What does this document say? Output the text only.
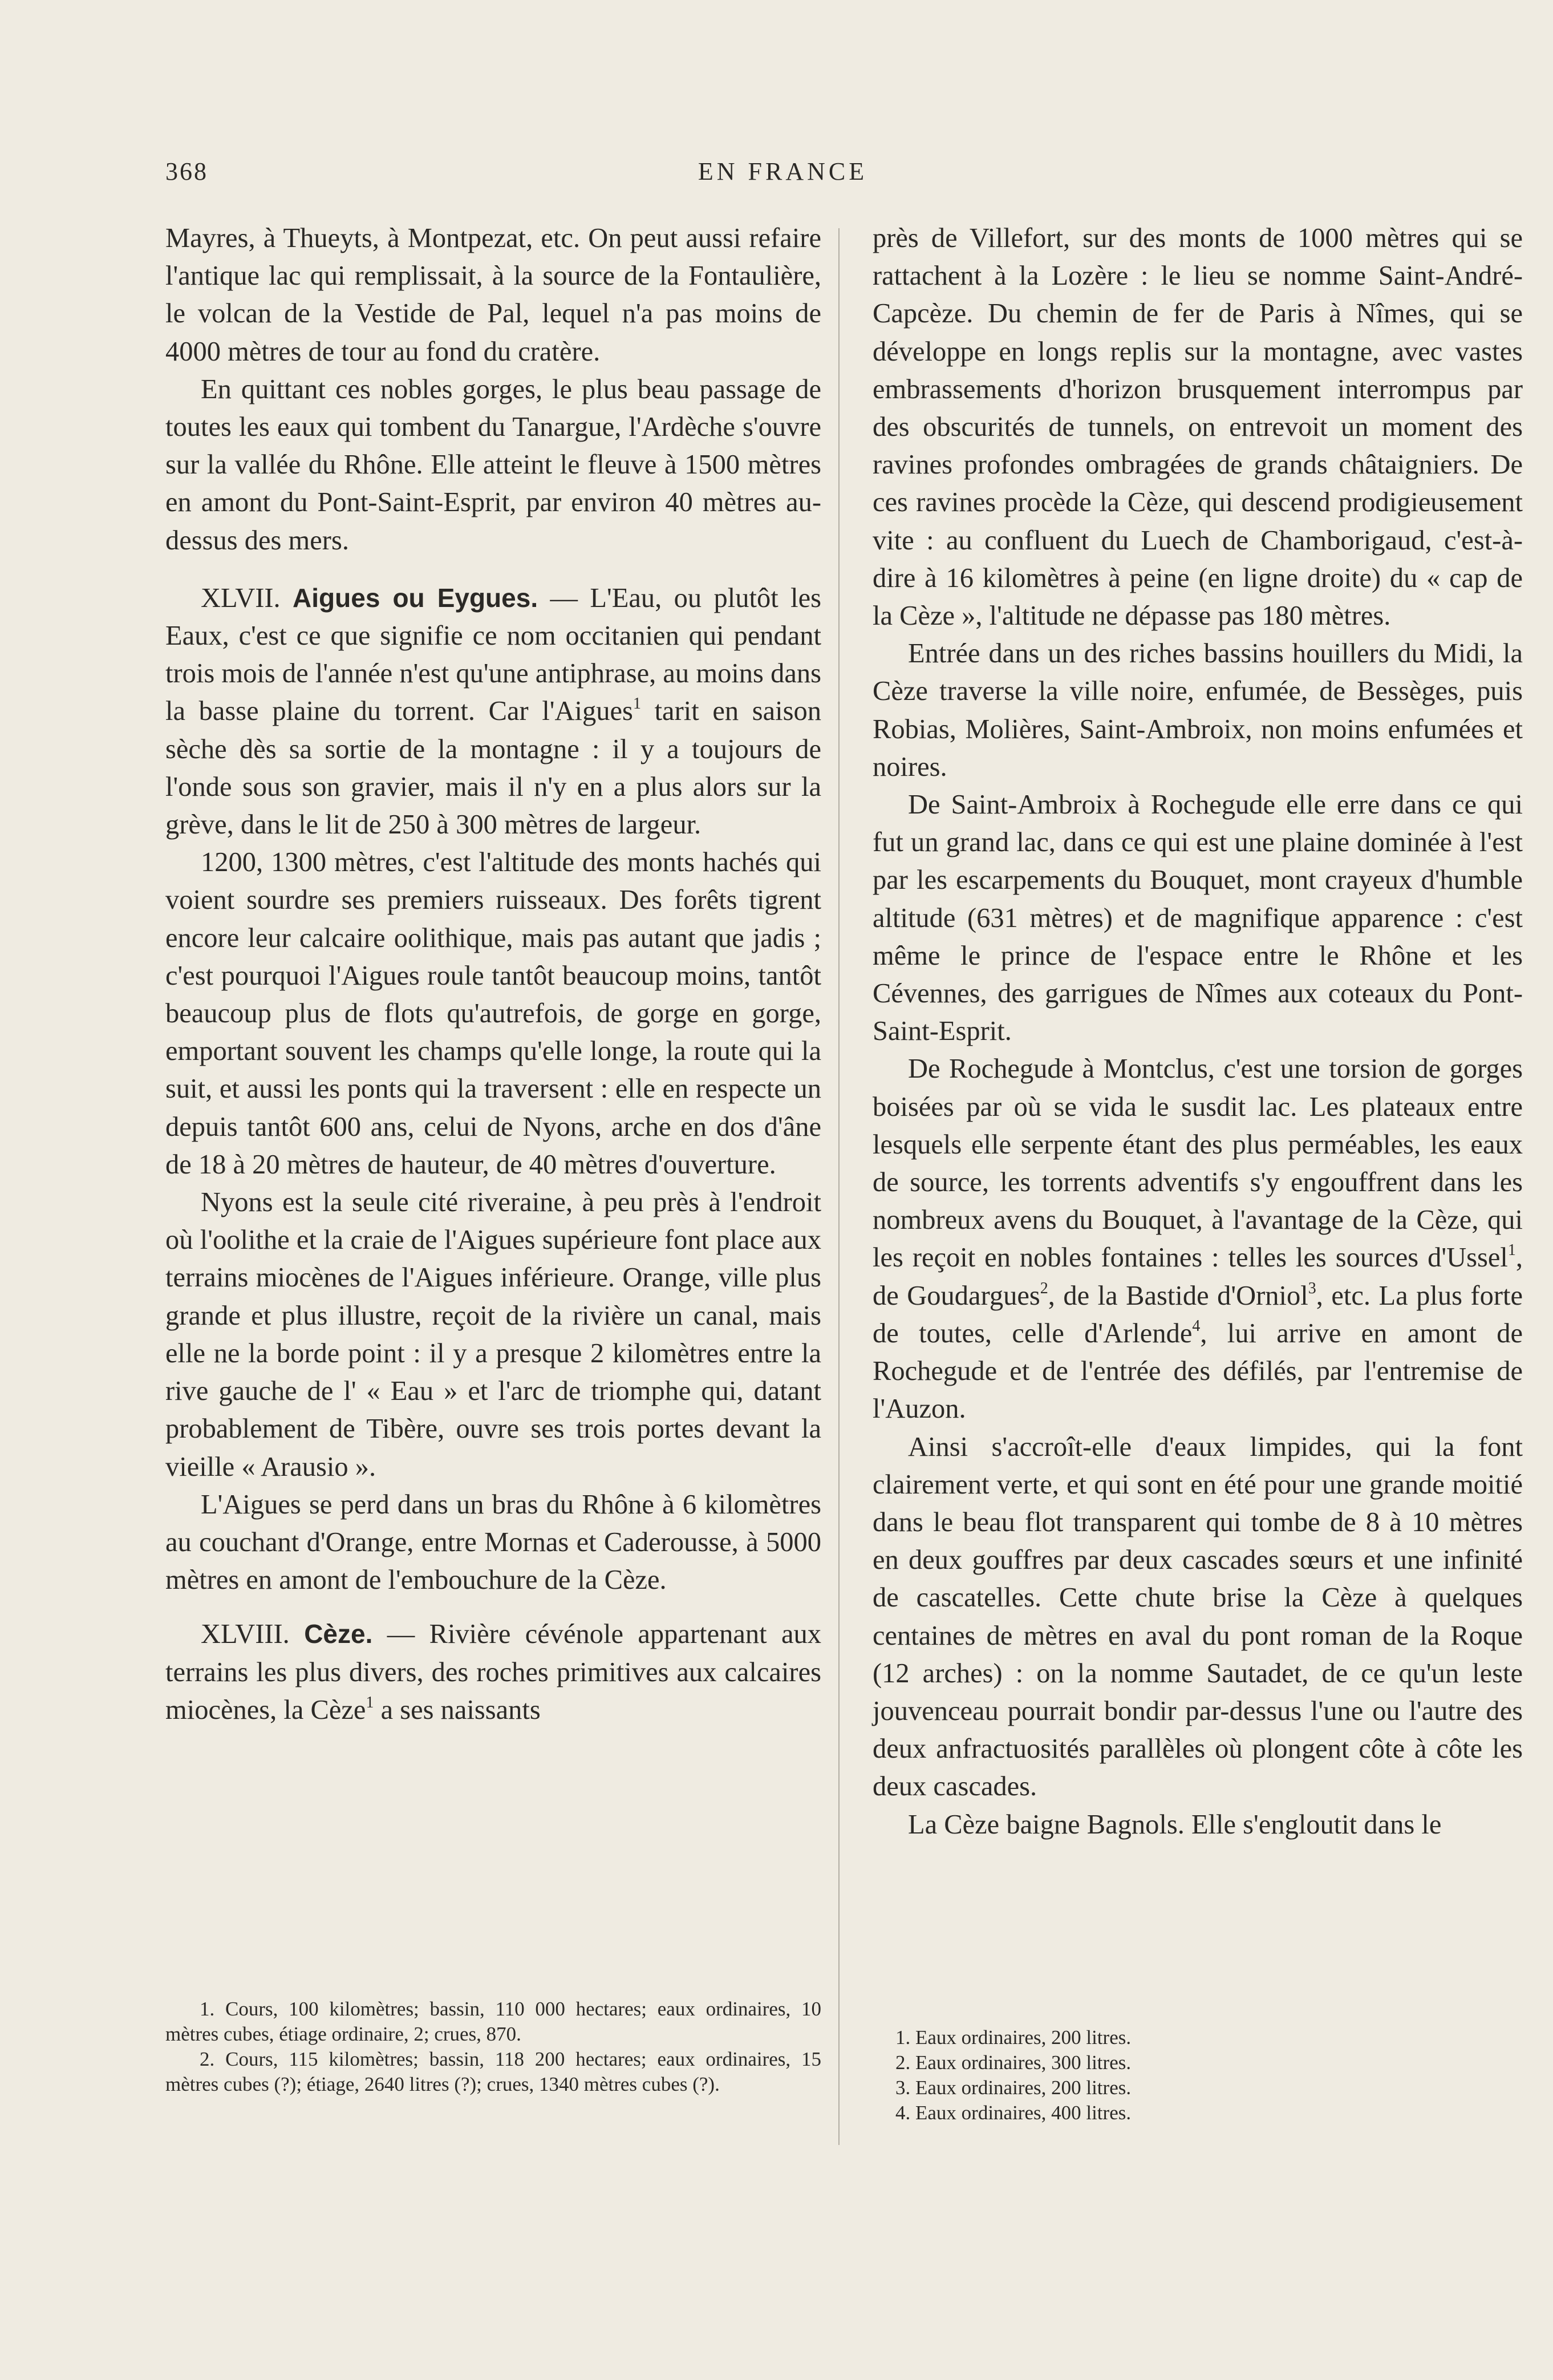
368	EN FRANCE

Mayres, à Thueyts, à Montpezat, etc. On peut aussi refaire l'antique lac qui remplissait, à la source de la Fontaulière, le volcan de la Vestide de Pal, lequel n'a pas moins de 4000 mètres de tour au fond du cratère.

En quittant ces nobles gorges, le plus beau passage de toutes les eaux qui tombent du Tanargue, l'Ardèche s'ouvre sur la vallée du Rhône. Elle atteint le fleuve à 1500 mètres en amont du Pont-Saint-Esprit, par environ 40 mètres au-dessus des mers.

XLVII. Aigues ou Eygues. — L'Eau, ou plutôt les Eaux, c'est ce que signifie ce nom occitanien qui pendant trois mois de l'année n'est qu'une antiphrase, au moins dans la basse plaine du torrent. Car l'Aigues$^1$ tarit en saison sèche dès sa sortie de la montagne : il y a toujours de l'onde sous son gravier, mais il n'y en a plus alors sur la grève, dans le lit de 250 à 300 mètres de largeur.

1200, 1300 mètres, c'est l'altitude des monts hachés qui voient sourdre ses premiers ruisseaux. Des forêts tigrent encore leur calcaire oolithique, mais pas autant que jadis ; c'est pourquoi l'Aigues roule tantôt beaucoup moins, tantôt beaucoup plus de flots qu'autrefois, de gorge en gorge, emportant souvent les champs qu'elle longe, la route qui la suit, et aussi les ponts qui la traversent : elle en respecte un depuis tantôt 600 ans, celui de Nyons, arche en dos d'âne de 18 à 20 mètres de hauteur, de 40 mètres d'ouverture.

Nyons est la seule cité riveraine, à peu près à l'endroit où l'oolithe et la craie de l'Aigues supérieure font place aux terrains miocènes de l'Aigues inférieure. Orange, ville plus grande et plus illustre, reçoit de la rivière un canal, mais elle ne la borde point : il y a presque 2 kilomètres entre la rive gauche de l' « Eau » et l'arc de triomphe qui, datant probablement de Tibère, ouvre ses trois portes devant la vieille « Arausio ».

L'Aigues se perd dans un bras du Rhône à 6 kilomètres au couchant d'Orange, entre Mornas et Caderousse, à 5000 mètres en amont de l'embouchure de la Cèze.

XLVIII. Cèze. — Rivière cévénole appartenant aux terrains les plus divers, des roches primitives aux calcaires miocènes, la Cèze$^1$ a ses naissants

près de Villefort, sur des monts de 1000 mètres qui se rattachent à la Lozère : le lieu se nomme Saint-André-Capcèze. Du chemin de fer de Paris à Nîmes, qui se développe en longs replis sur la montagne, avec vastes embrassements d'horizon brusquement interrompus par des obscurités de tunnels, on entrevoit un moment des ravines profondes ombragées de grands châtaigniers. De ces ravines procède la Cèze, qui descend prodigieusement vite : au confluent du Luech de Chamborigaud, c'est-à-dire à 16 kilomètres à peine (en ligne droite) du « cap de la Cèze », l'altitude ne dépasse pas 180 mètres.

Entrée dans un des riches bassins houillers du Midi, la Cèze traverse la ville noire, enfumée, de Bessèges, puis Robias, Molières, Saint-Ambroix, non moins enfumées et noires.

De Saint-Ambroix à Rochegude elle erre dans ce qui fut un grand lac, dans ce qui est une plaine dominée à l'est par les escarpements du Bouquet, mont crayeux d'humble altitude (631 mètres) et de magnifique apparence : c'est même le prince de l'espace entre le Rhône et les Cévennes, des garrigues de Nîmes aux coteaux du Pont-Saint-Esprit.

De Rochegude à Montclus, c'est une torsion de gorges boisées par où se vida le susdit lac. Les plateaux entre lesquels elle serpente étant des plus perméables, les eaux de source, les torrents adventifs s'y engouffrent dans les nombreux avens du Bouquet, à l'avantage de la Cèze, qui les reçoit en nobles fontaines : telles les sources d'Ussel$^1$, de Goudargues$^2$, de la Bastide d'Orniol$^3$, etc. La plus forte de toutes, celle d'Arlende$^4$, lui arrive en amont de Rochegude et de l'entrée des défilés, par l'entremise de l'Auzon.

Ainsi s'accroît-elle d'eaux limpides, qui la font clairement verte, et qui sont en été pour une grande moitié dans le beau flot transparent qui tombe de 8 à 10 mètres en deux gouffres par deux cascades sœurs et une infinité de cascatelles. Cette chute brise la Cèze à quelques centaines de mètres en aval du pont roman de la Roque (12 arches) : on la nomme Sautadet, de ce qu'un leste jouvenceau pourrait bondir par-dessus l'une ou l'autre des deux anfractuosités parallèles où plongent côte à côte les deux cascades.

La Cèze baigne Bagnols. Elle s'engloutit dans le

1. Cours, 100 kilomètres; bassin, 110 000 hectares; eaux ordinaires, 10 mètres cubes, étiage ordinaire, 2; crues, 870.

2. Cours, 115 kilomètres; bassin, 118 200 hectares; eaux ordinaires, 15 mètres cubes (?); étiage, 2640 litres (?); crues, 1340 mètres cubes (?).

1. Eaux ordinaires, 200 litres.

2. Eaux ordinaires, 300 litres.

3. Eaux ordinaires, 200 litres.

4. Eaux ordinaires, 400 litres.
